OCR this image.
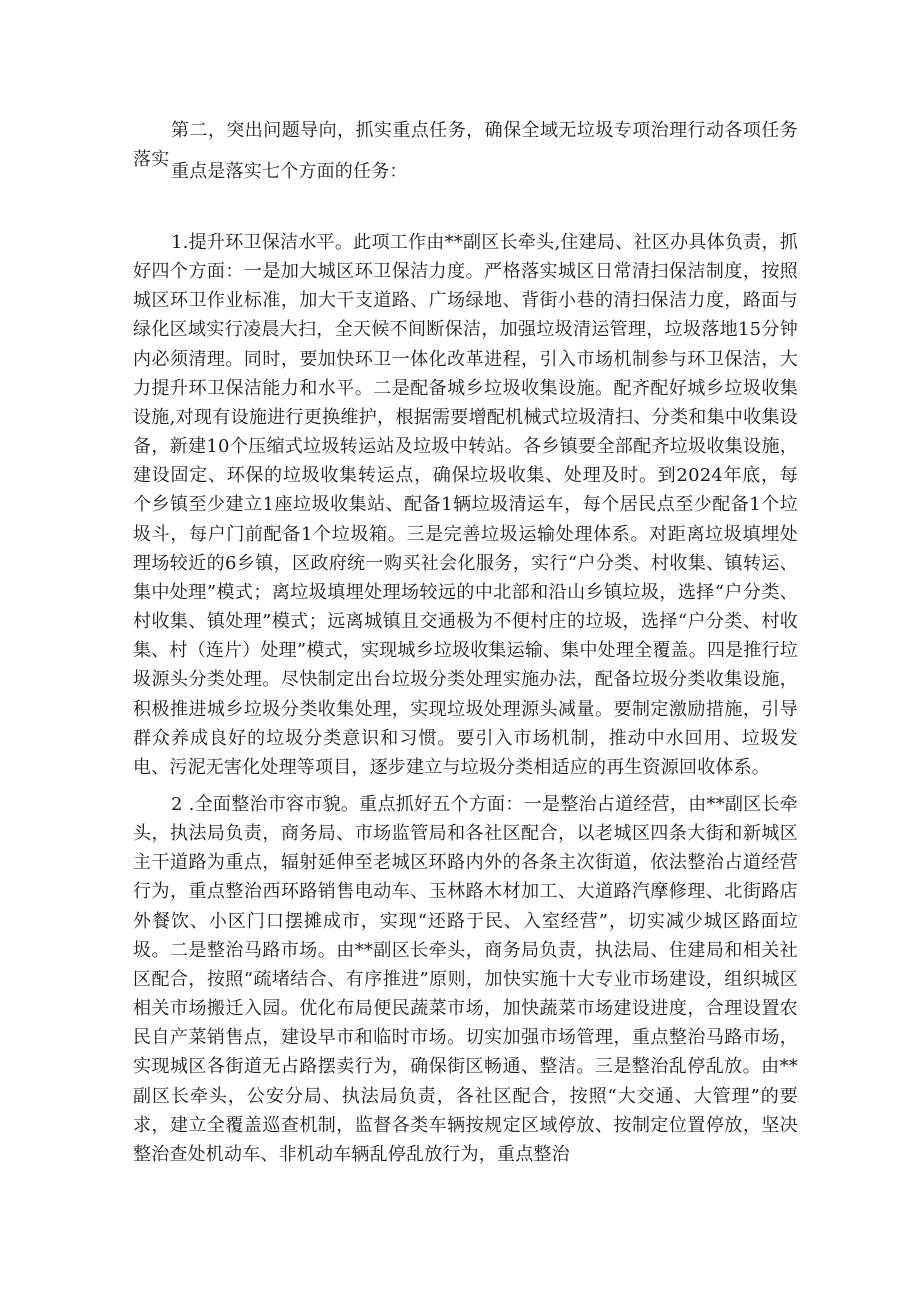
第二，突出问题导向，抓实重点任务，确保全域无垃圾专项治理行动各项任务落实

重点是落实七个方面的任务：

1.提升环卫保洁水平。此项工作由**副区长牵头,住建局、社区办具体负责，抓好四个方面：一是加大城区环卫保洁力度。严格落实城区日常清扫保洁制度，按照城区环卫作业标准，加大干支道路、广场绿地、背街小巷的清扫保洁力度，路面与绿化区域实行凌晨大扫，全天候不间断保洁，加强垃圾清运管理，垃圾落地15分钟内必须清理。同时，要加快环卫一体化改革进程，引入市场机制参与环卫保洁，大力提升环卫保洁能力和水平。二是配备城乡垃圾收集设施。配齐配好城乡垃圾收集设施,对现有设施进行更换维护，根据需要增配机械式垃圾清扫、分类和集中收集设备，新建10个压缩式垃圾转运站及垃圾中转站。各乡镇要全部配齐垃圾收集设施，建设固定、环保的垃圾收集转运点，确保垃圾收集、处理及时。到2024年底，每个乡镇至少建立1座垃圾收集站、配备1辆垃圾清运车，每个居民点至少配备1个垃圾斗，每户门前配备1个垃圾箱。三是完善垃圾运输处理体系。对距离垃圾填埋处理场较近的6乡镇，区政府统一购买社会化服务，实行“户分类、村收集、镇转运、集中处理”模式；离垃圾填埋处理场较远的中北部和沿山乡镇垃圾，选择“户分类、村收集、镇处理”模式；远离城镇且交通极为不便村庄的垃圾，选择“户分类、村收集、村（连片）处理”模式，实现城乡垃圾收集运输、集中处理全覆盖。四是推行垃圾源头分类处理。尽快制定出台垃圾分类处理实施办法，配备垃圾分类收集设施，积极推进城乡垃圾分类收集处理，实现垃圾处理源头减量。要制定激励措施，引导群众养成良好的垃圾分类意识和习惯。要引入市场机制，推动中水回用、垃圾发电、污泥无害化处理等项目，逐步建立与垃圾分类相适应的再生资源回收体系。

2 .全面整治市容市貌。重点抓好五个方面：一是整治占道经营，由**副区长牵头，执法局负责，商务局、市场监管局和各社区配合，以老城区四条大街和新城区主干道路为重点，辐射延伸至老城区环路内外的各条主次街道，依法整治占道经营行为，重点整治西环路销售电动车、玉林路木材加工、大道路汽摩修理、北街路店外餐饮、小区门口摆摊成市，实现“还路于民、入室经营”，切实减少城区路面垃圾。二是整治马路市场。由**副区长牵头，商务局负责，执法局、住建局和相关社区配合，按照“疏堵结合、有序推进”原则，加快实施十大专业市场建设，组织城区相关市场搬迁入园。优化布局便民蔬菜市场，加快蔬菜市场建设进度，合理设置农民自产菜销售点，建设早市和临时市场。切实加强市场管理，重点整治马路市场，实现城区各街道无占路摆卖行为，确保街区畅通、整洁。三是整治乱停乱放。由**副区长牵头，公安分局、执法局负责，各社区配合，按照“大交通、大管理”的要求，建立全覆盖巡查机制，监督各类车辆按规定区域停放、按制定位置停放，坚决整治查处机动车、非机动车辆乱停乱放行为，重点整治
